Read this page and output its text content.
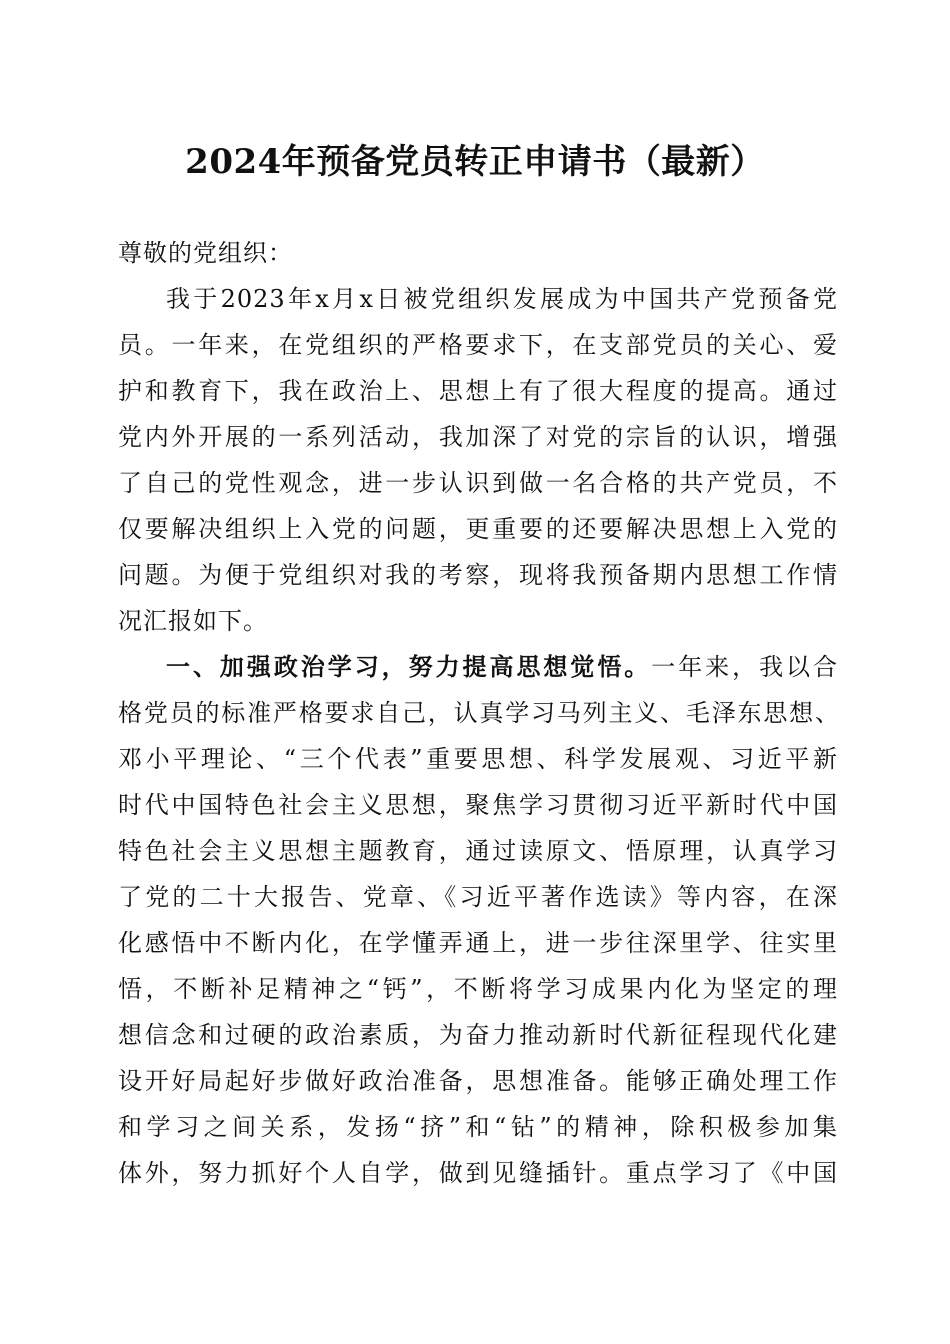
2024年预备党员转正申请书（最新）
尊敬的党组织：
我于2023年x月x日被党组织发展成为中国共产党预备党
员。一年来，在党组织的严格要求下，在支部党员的关心、爱
护和教育下，我在政治上、思想上有了很大程度的提高。通过
党内外开展的一系列活动，我加深了对党的宗旨的认识，增强
了自己的党性观念，进一步认识到做一名合格的共产党员，不
仅要解决组织上入党的问题，更重要的还要解决思想上入党的
问题。为便于党组织对我的考察，现将我预备期内思想工作情
况汇报如下。
一、加强政治学习，努力提高思想觉悟。一年来，我以合
格党员的标准严格要求自己，认真学习马列主义、毛泽东思想、
邓小平理论、“三个代表”重要思想、科学发展观、习近平新
时代中国特色社会主义思想，聚焦学习贯彻习近平新时代中国
特色社会主义思想主题教育，通过读原文、悟原理，认真学习
了党的二十大报告、党章、《习近平著作选读》等内容，在深
化感悟中不断内化，在学懂弄通上，进一步往深里学、往实里
悟，不断补足精神之“钙”，不断将学习成果内化为坚定的理
想信念和过硬的政治素质，为奋力推动新时代新征程现代化建
设开好局起好步做好政治准备，思想准备。能够正确处理工作
和学习之间关系，发扬“挤”和“钻”的精神，除积极参加集
体外，努力抓好个人自学，做到见缝插针。重点学习了《中国
